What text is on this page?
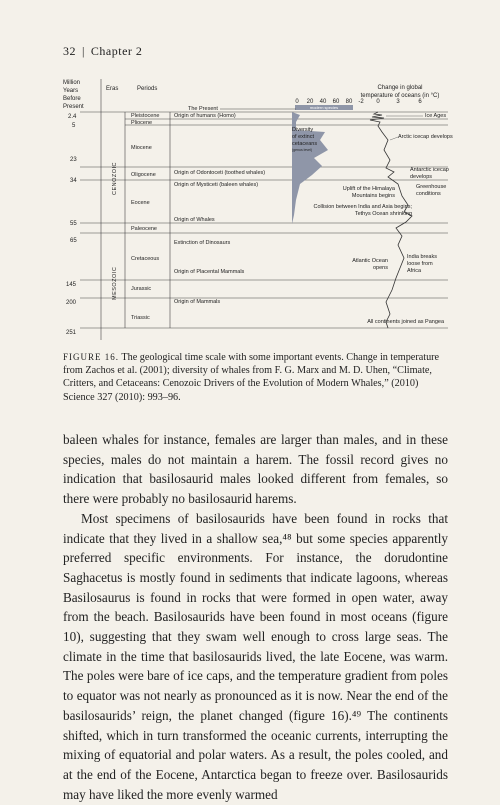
32 | Chapter 2
Million
Years
Before
Present
Eras	Periods	Change in global
temperature of oceans (in °C)
0 20 40 60 80 -2 0	3	6
modern species
2.4
5
23
34
55
65
145
200
251
CENOZOIC
MESOZOIC
Pleistocene
Pliocene
Miocene
Oligocene
Eocene
Paleocene
Cretaceous
Jurassic
Triassic
The Present
Origin of humans (Homo)
Origin of Odontoceti (toothed whales)
Origin of Mysticeti (baleen whales)
Origin of Whales
Extinction of Dinosaurs
Origin of Placental Mammals
Origin of Mammals
Diversity
of extinct
cetaceans
(genus level)
Ice Ages
Arctic icecap develops
Antarctic icecap
develops
Greenhouse
conditions
Uplift of the Himalaya
Mountains begins
Collision between India and Asia begins;
Tethys Ocean shrinking
Atlantic Ocean
opens
India breaks
loose from
Africa
All continents joined as Pangea
FIGURE 16. The geological time scale with some important events. Change in temperature from Zachos et al. (2001); diversity of whales from F. G. Marx and M. D. Uhen, “Climate, Critters, and Cetaceans: Cenozoic Drivers of the Evolution of Modern Whales,” (2010) Science 327 (2010): 993–96.

baleen whales for instance, females are larger than males, and in these species, males do not maintain a harem. The fossil record gives no indication that basilosaurid males looked different from females, so there were probably no basilosaurid harems.

Most specimens of basilosaurids have been found in rocks that indicate that they lived in a shallow sea,⁴⁸ but some species apparently preferred specific environments. For instance, the dorudontine Saghacetus is mostly found in sediments that indicate lagoons, whereas Basilosaurus is found in rocks that were formed in open water, away from the beach. Basilosaurids have been found in most oceans (figure 10), suggesting that they swam well enough to cross large seas. The climate in the time that basilosaurids lived, the late Eocene, was warm. The poles were bare of ice caps, and the temperature gradient from poles to equator was not nearly as pronounced as it is now. Near the end of the basilosaurids’ reign, the planet changed (figure 16).⁴⁹ The continents shifted, which in turn transformed the oceanic currents, interrupting the mixing of equatorial and polar waters. As a result, the poles cooled, and at the end of the Eocene, Antarctica began to freeze over. Basilosaurids may have liked the more evenly warmed
